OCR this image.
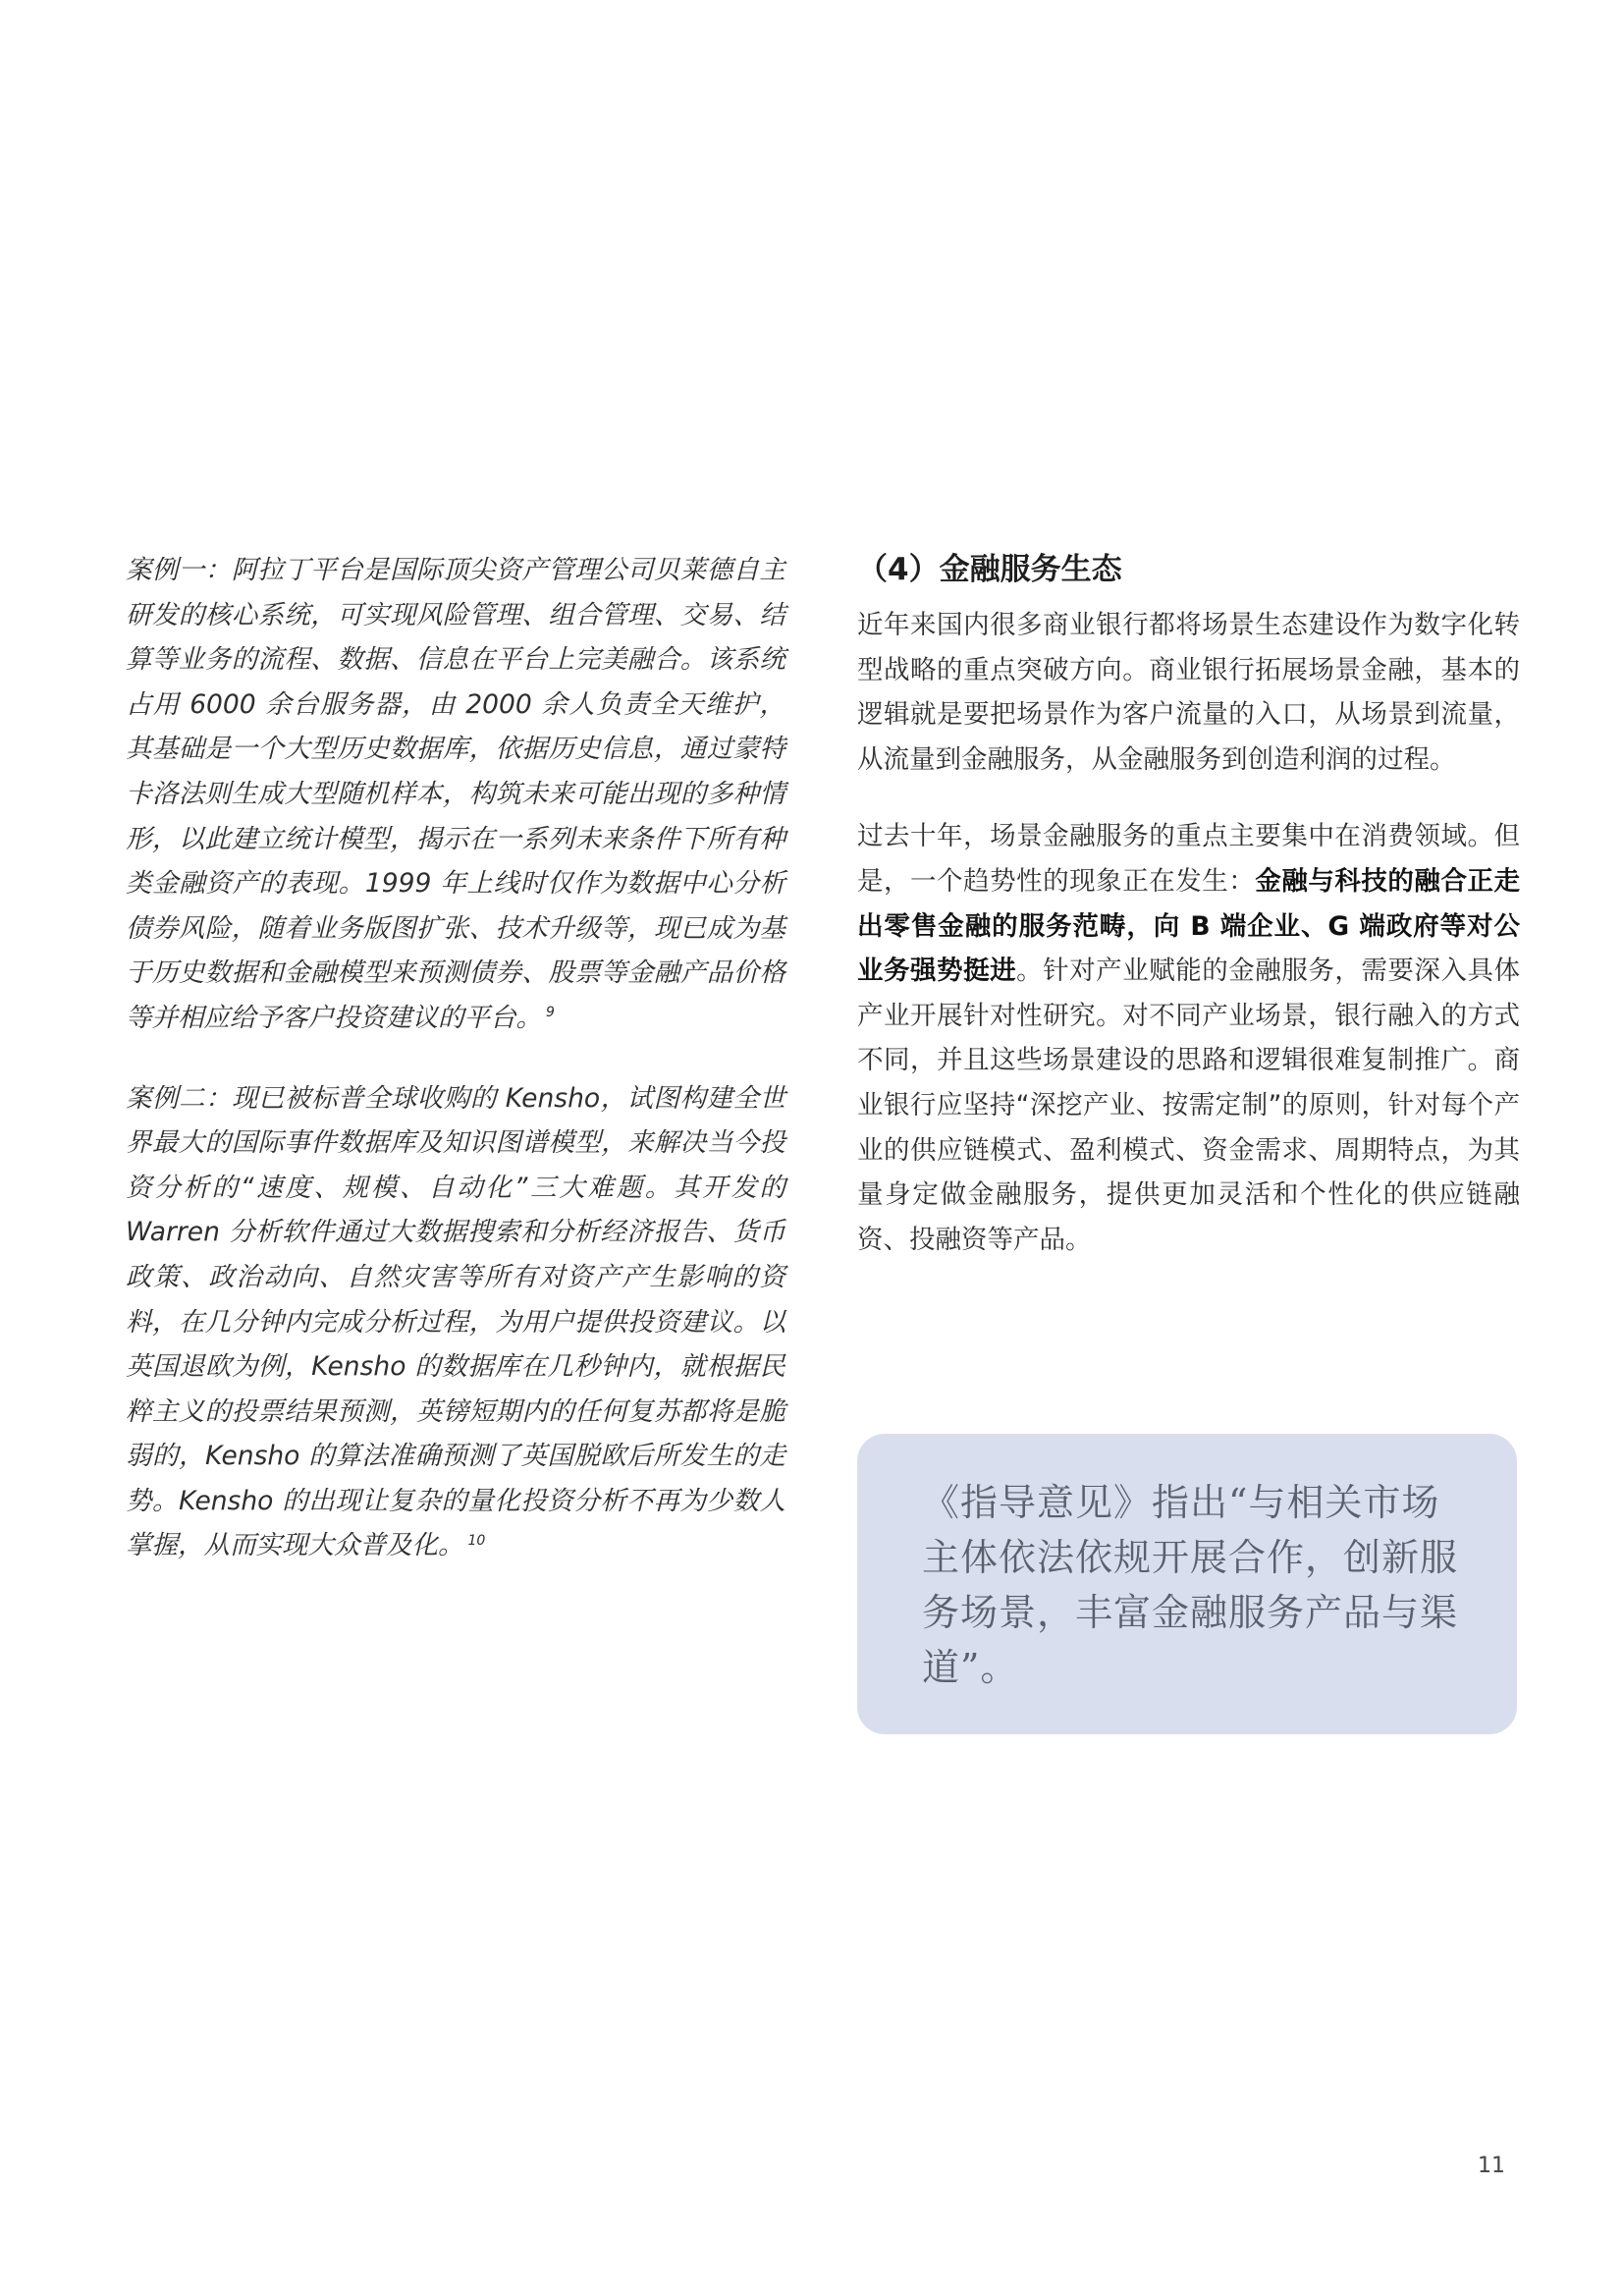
案例一：阿拉丁平台是国际顶尖资产管理公司贝莱德自主研发的核心系统，可实现风险管理、组合管理、交易、结算等业务的流程、数据、信息在平台上完美融合。该系统占用 6000 余台服务器，由 2000 余人负责全天维护，其基础是一个大型历史数据库，依据历史信息，通过蒙特卡洛法则生成大型随机样本，构筑未来可能出现的多种情形，以此建立统计模型，揭示在一系列未来条件下所有种类金融资产的表现。1999 年上线时仅作为数据中心分析债券风险，随着业务版图扩张、技术升级等，现已成为基于历史数据和金融模型来预测债券、股票等金融产品价格等并相应给予客户投资建议的平台。 $^9$

案例二：现已被标普全球收购的 Kensho，试图构建全世界最大的国际事件数据库及知识图谱模型，来解决当今投资分析的“速度、规模、自动化”三大难题。其开发的 Warren 分析软件通过大数据搜索和分析经济报告、货币政策、政治动向、自然灾害等所有对资产产生影响的资料，在几分钟内完成分析过程，为用户提供投资建议。以英国退欧为例，Kensho 的数据库在几秒钟内，就根据民粹主义的投票结果预测，英镑短期内的任何复苏都将是脆弱的，Kensho 的算法准确预测了英国脱欧后所发生的走势。Kensho 的出现让复杂的量化投资分析不再为少数人掌握，从而实现大众普及化。 $^{10}$

（4）金融服务生态

近年来国内很多商业银行都将场景生态建设作为数字化转型战略的重点突破方向。商业银行拓展场景金融，基本的逻辑就是要把场景作为客户流量的入口，从场景到流量，从流量到金融服务，从金融服务到创造利润的过程。

过去十年，场景金融服务的重点主要集中在消费领域。但是，一个趋势性的现象正在发生：金融与科技的融合正走出零售金融的服务范畴，向 B 端企业、G 端政府等对公业务强势挺进。针对产业赋能的金融服务，需要深入具体产业开展针对性研究。对不同产业场景，银行融入的方式不同，并且这些场景建设的思路和逻辑很难复制推广。商业银行应坚持“深挖产业、按需定制”的原则，针对每个产业的供应链模式、盈利模式、资金需求、周期特点，为其量身定做金融服务，提供更加灵活和个性化的供应链融资、投融资等产品。

《指导意见》指出“与相关市场主体依法依规开展合作，创新服务场景，丰富金融服务产品与渠道”。

11
